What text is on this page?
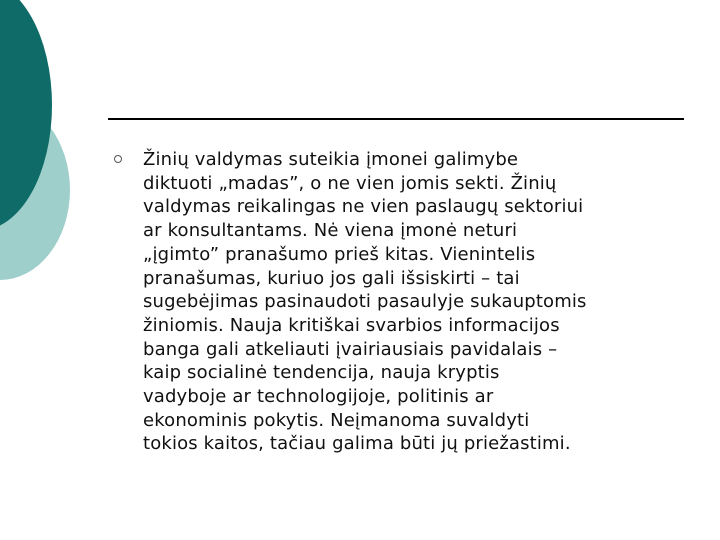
Žinių valdymas suteikia įmonei galimybe
diktuoti „madas”, o ne vien jomis sekti. Žinių
valdymas reikalingas ne vien paslaugų sektoriui
ar konsultantams. Nė viena įmonė neturi
„įgimto” pranašumo prieš kitas. Vienintelis
pranašumas, kuriuo jos gali išsiskirti – tai
sugebėjimas pasinaudoti pasaulyje sukauptomis
žiniomis. Nauja kritiškai svarbios informacijos
banga gali atkeliauti įvairiausiais pavidalais –
kaip socialinė tendencija, nauja kryptis
vadyboje ar technologijoje, politinis ar
ekonominis pokytis. Neįmanoma suvaldyti
tokios kaitos, tačiau galima būti jų priežastimi.
